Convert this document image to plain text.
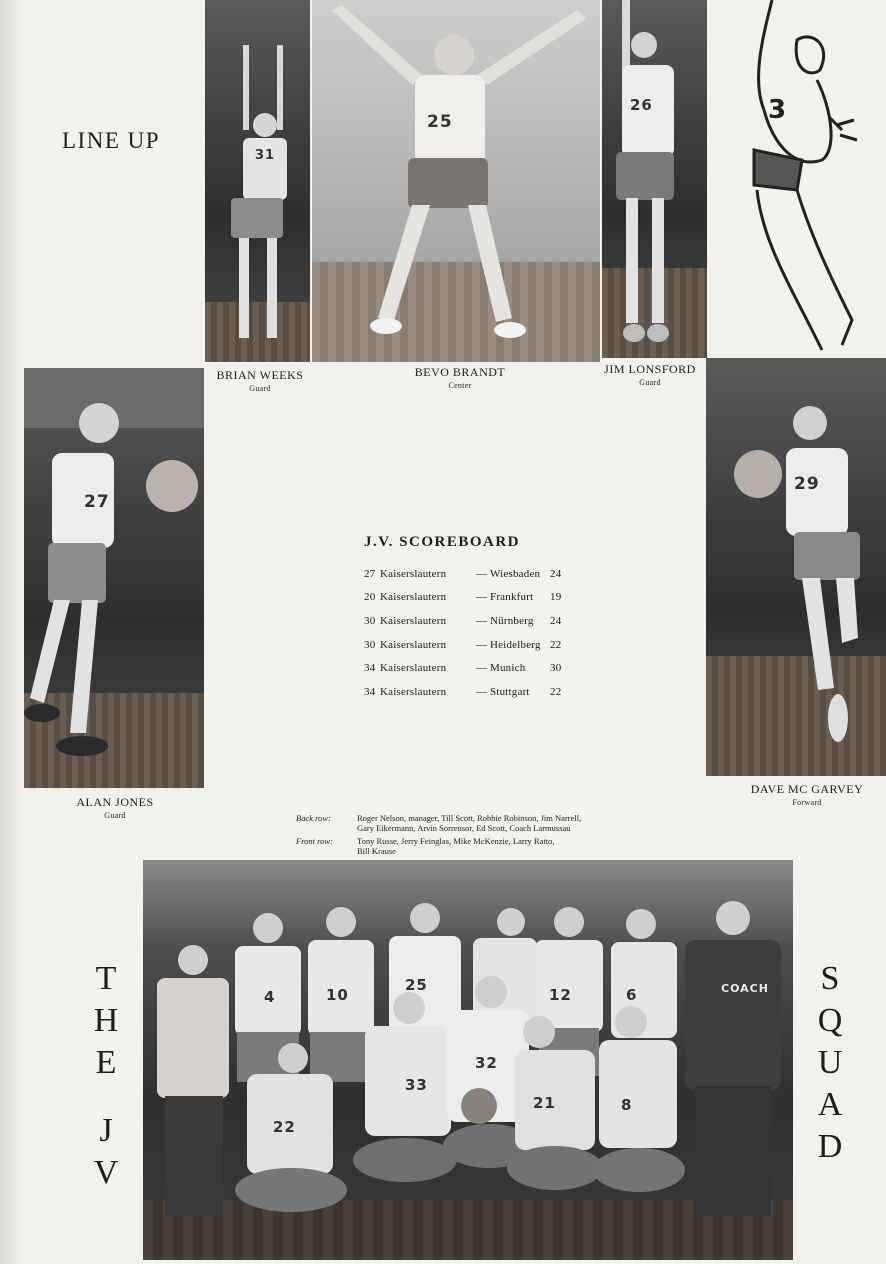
LINE UP
31
25
26	3
BRIAN WEEKS
Guard
BEVO BRANDT
Center
JIM LONSFORD
Guard
27
ALAN JONES
Guard
29
DAVE MC GARVEY
Forward
J.V. SCOREBOARD
27 Kaiserslautern	— Wiesbaden 24
20 Kaiserslautern	— Frankfurt 19
30 Kaiserslautern	— Nürnberg 24
30 Kaiserslautern	— Heidelberg 22
34 Kaiserslautern	— Munich 30
34 Kaiserslautern	— Stuttgart 22
Back row:	Roger Nelson, manager, Till Scott, Robbie Robinson, Jim Narrell,
Gary Eikermann, Arvin Sorrensor, Ed Scott, Coach Larmussau
Front row:	Tony Russe, Jerry Feinglas, Mike McKenzie, Larry Ratto,
Bill Krause
4	10
25
12	6
33
32
22
21	8
COACH
T
H
E
J
V
S
Q
U
A
D
